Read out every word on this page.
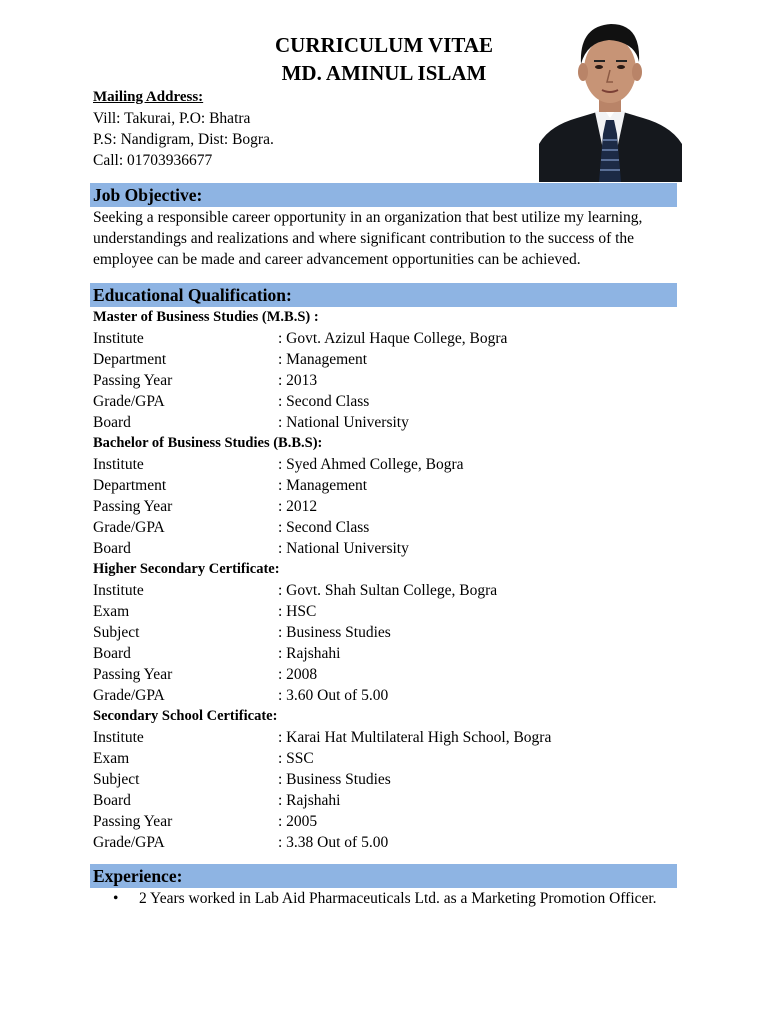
CURRICULUM VITAE
MD. AMINUL ISLAM
Mailing Address:
Vill: Takurai, P.O: Bhatra
P.S: Nandigram, Dist: Bogra.
Call: 01703936677
Job Objective:
Seeking a responsible career opportunity in an organization that best utilize my learning, understandings and realizations and where significant contribution to the success of the employee can be made and career advancement opportunities can be achieved.
Educational Qualification:
Master of Business Studies (M.B.S) :
Institute	: Govt. Azizul Haque College, Bogra
Department	: Management
Passing Year	: 2013
Grade/GPA	: Second Class
Board	: National University
Bachelor of Business Studies (B.B.S):
Institute	: Syed Ahmed College, Bogra
Department	: Management
Passing Year	: 2012
Grade/GPA	: Second Class
Board	: National University
Higher Secondary Certificate:
Institute	: Govt. Shah Sultan College, Bogra
Exam	: HSC
Subject	: Business Studies
Board	: Rajshahi
Passing Year	: 2008
Grade/GPA	: 3.60 Out of 5.00
Secondary School Certificate:
Institute	: Karai Hat Multilateral High School, Bogra
Exam	: SSC
Subject	: Business Studies
Board	: Rajshahi
Passing Year	: 2005
Grade/GPA	: 3.38 Out of 5.00
Experience:
• 2 Years worked in Lab Aid Pharmaceuticals Ltd. as a Marketing Promotion Officer.
